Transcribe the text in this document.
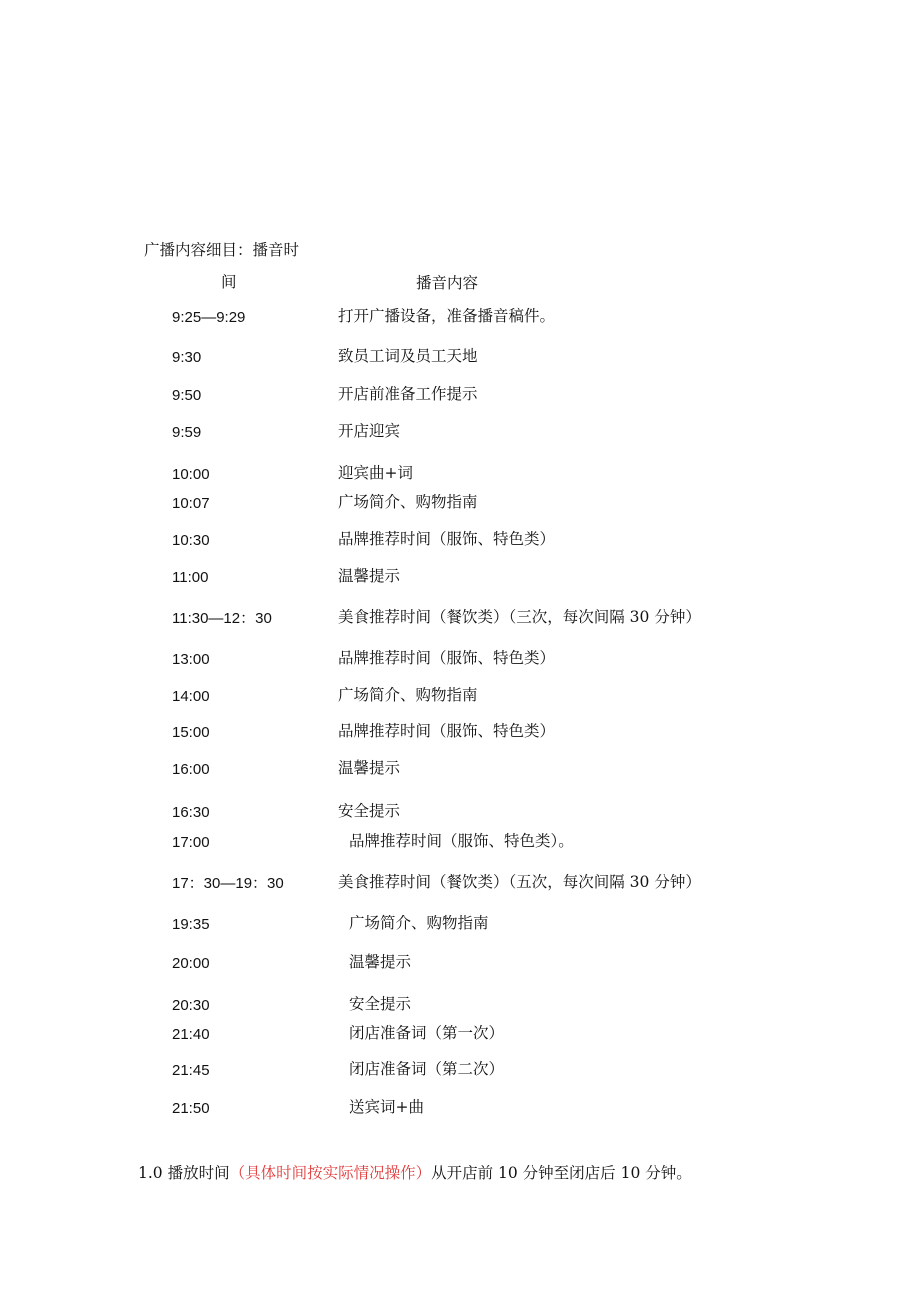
广播内容细目：播音时
间	播音内容
9:25—9:29	打开广播设备，准备播音稿件。
9:30	致员工词及员工天地
9:50	开店前准备工作提示
9:59	开店迎宾
10:00	迎宾曲+词
10:07	广场简介、购物指南
10:30	品牌推荐时间（服饰、特色类）
11:00	温馨提示
11:30—12：30	美食推荐时间（餐饮类）（三次，每次间隔 30 分钟）
13:00	品牌推荐时间（服饰、特色类）
14:00	广场简介、购物指南
15:00	品牌推荐时间（服饰、特色类）
16:00	温馨提示
16:30	安全提示
17:00	品牌推荐时间（服饰、特色类）。
17：30—19：30	美食推荐时间（餐饮类）（五次，每次间隔 30 分钟）
19:35	广场简介、购物指南
20:00	温馨提示
20:30	安全提示
21:40	闭店准备词（第一次）
21:45	闭店准备词（第二次）
21:50	送宾词+曲
1.0 播放时间（具体时间按实际情况操作）从开店前 10 分钟至闭店后 10 分钟。
